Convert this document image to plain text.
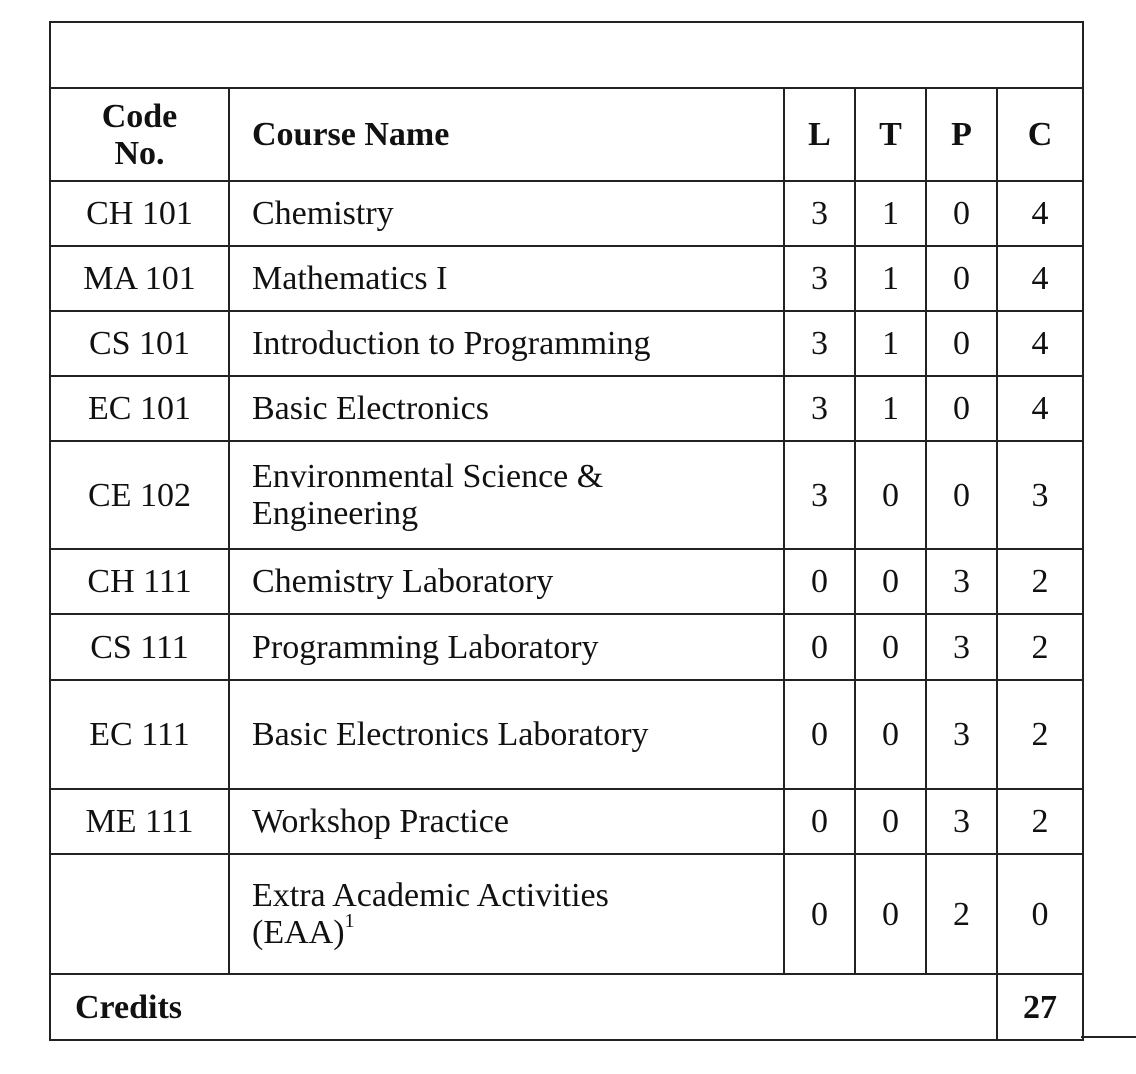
Code No.	Course Name	L	T	P	C
CH 101	Chemistry	3	1	0	4
MA 101	Mathematics I	3	1	0	4
CS 101	Introduction to Programming	3	1	0	4
EC 101	Basic Electronics	3	1	0	4
CE 102	Environmental Science & Engineering	3	0	0	3
CH 111	Chemistry Laboratory	0	0	3	2
CS 111	Programming Laboratory	0	0	3	2
EC 111	Basic Electronics Laboratory	0	0	3	2
ME 111	Workshop Practice	0	0	3	2
	Extra Academic Activities (EAA)$^1$	0	0	2	0
Credits					27
